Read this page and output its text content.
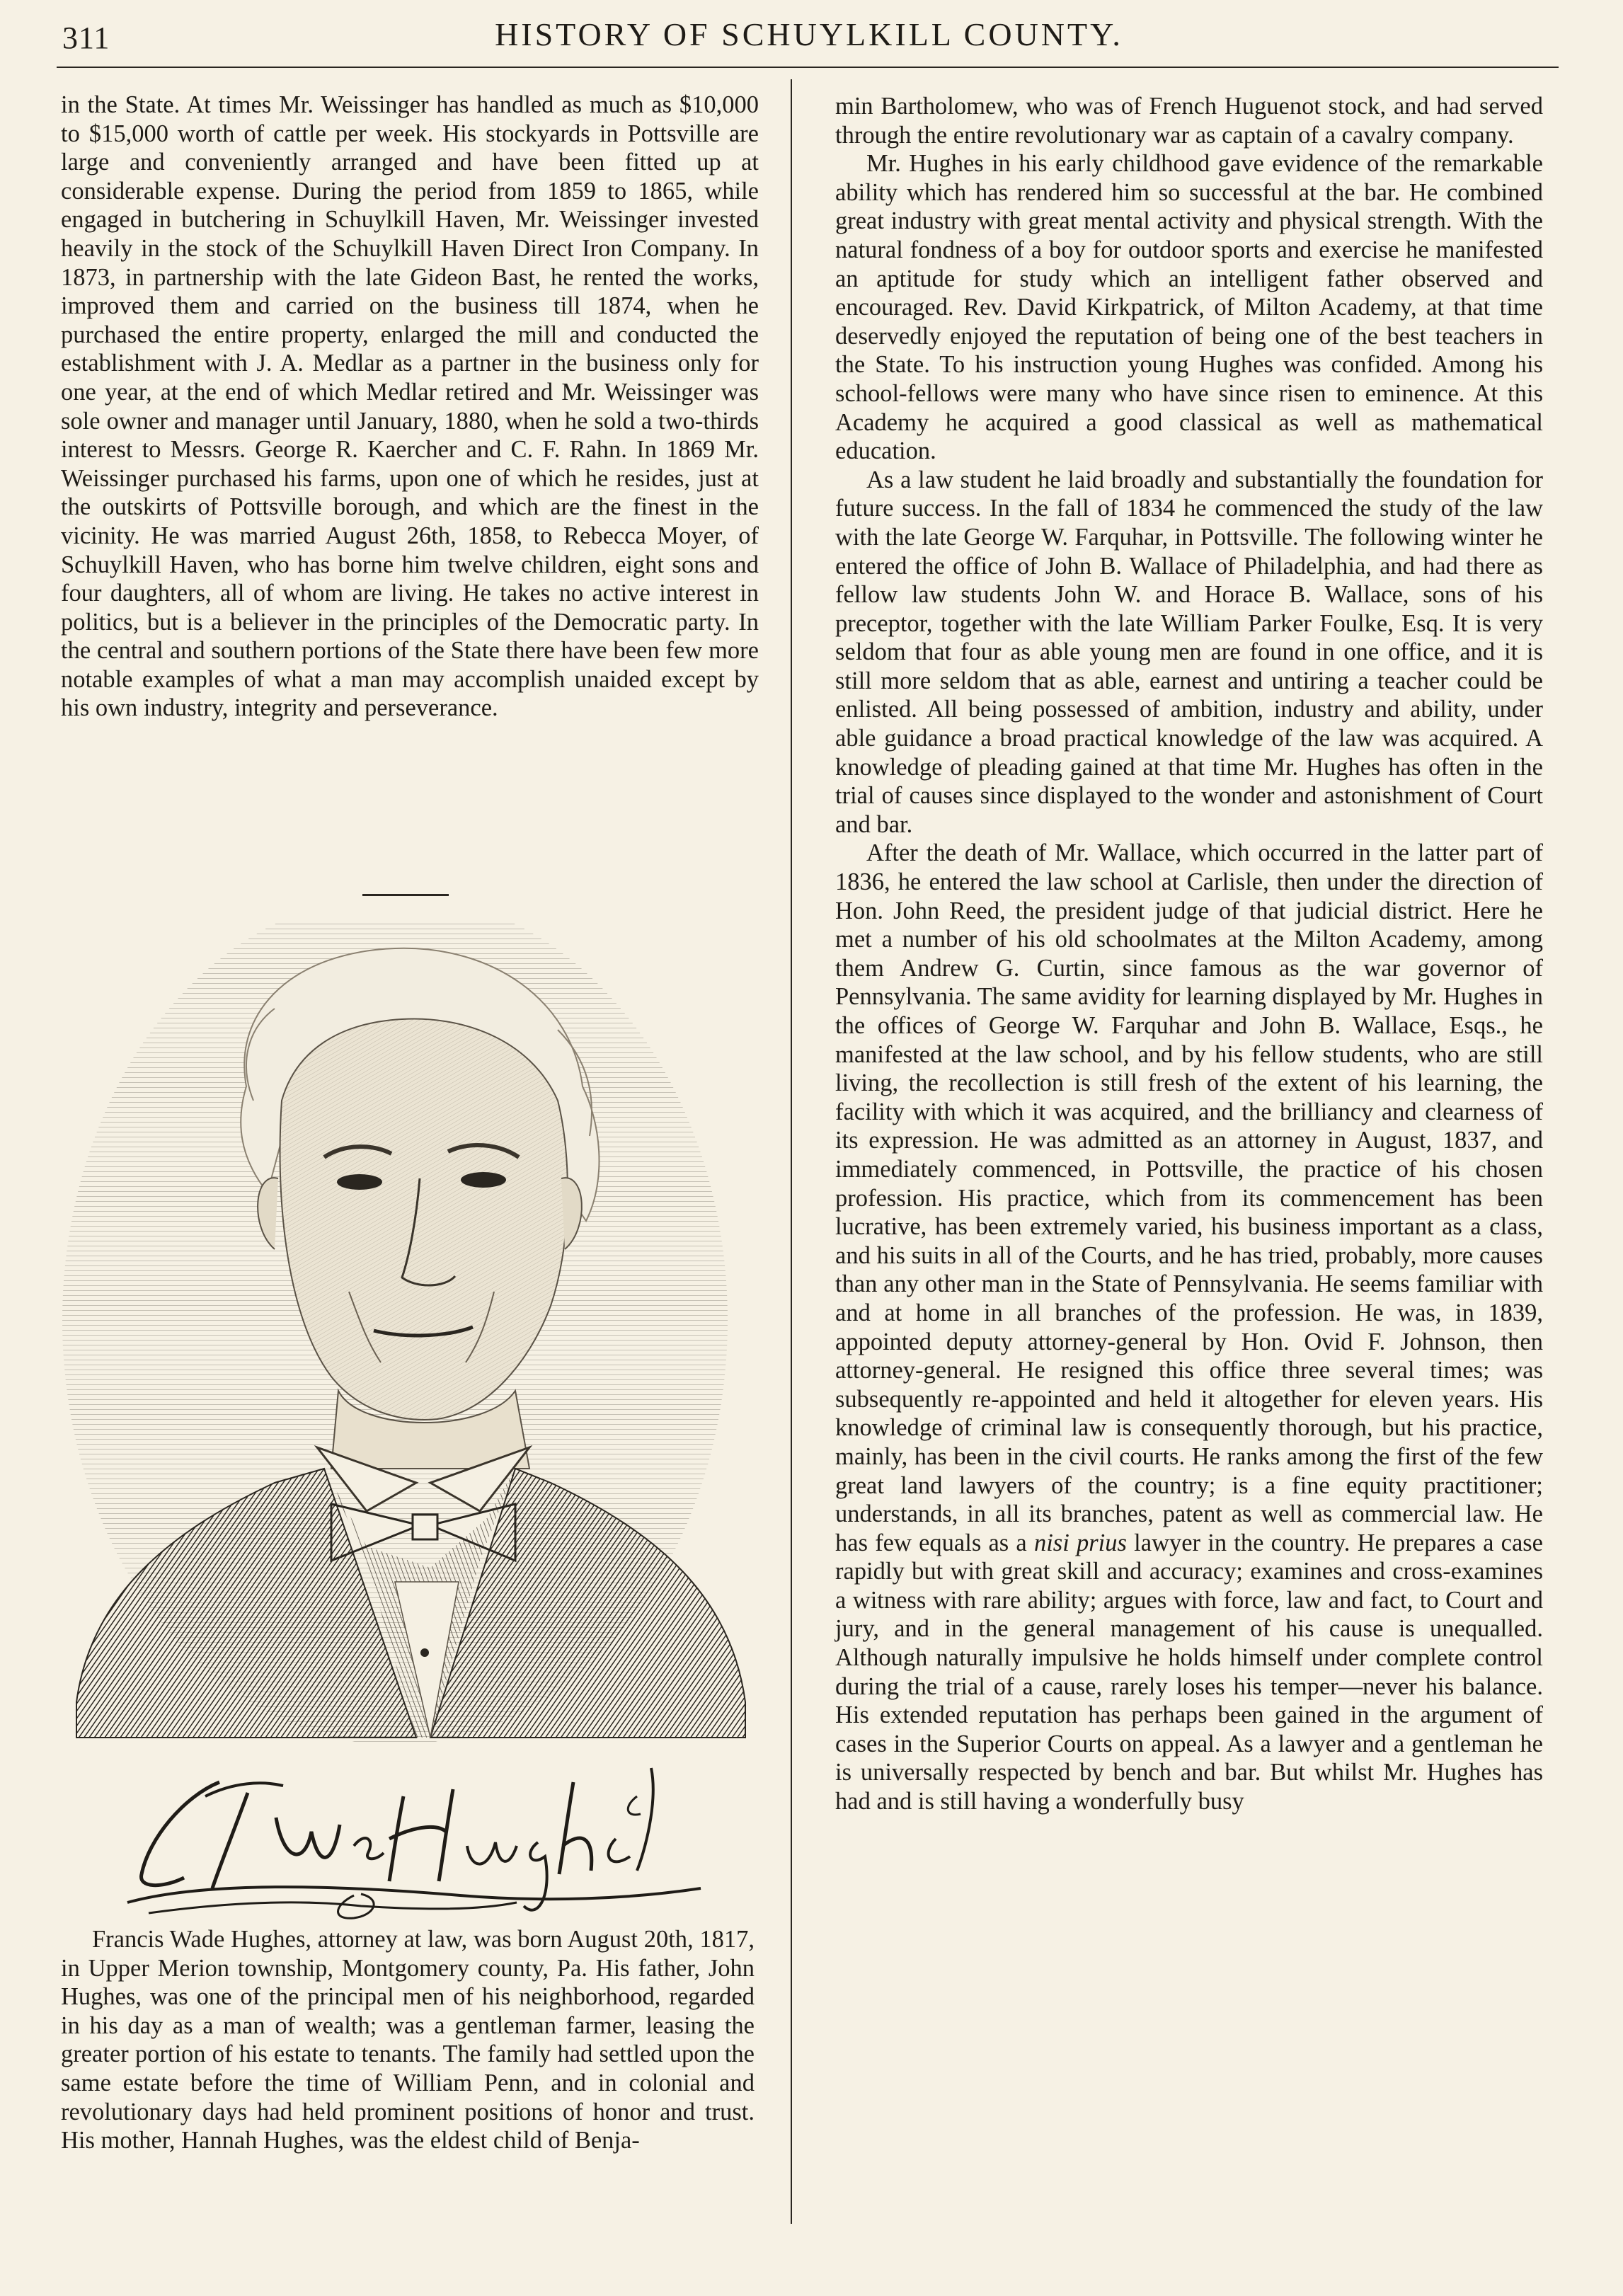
311	HISTORY OF SCHUYLKILL COUNTY.

in the State. At times Mr. Weissinger has handled as much as $10,000 to $15,000 worth of cattle per week. His stockyards in Pottsville are large and conveniently arranged and have been fitted up at considerable expense. During the period from 1859 to 1865, while engaged in butchering in Schuylkill Haven, Mr. Weissinger invested heavily in the stock of the Schuylkill Haven Direct Iron Company. In 1873, in partnership with the late Gideon Bast, he rented the works, improved them and carried on the business till 1874, when he purchased the entire property, enlarged the mill and conducted the establishment with J. A. Medlar as a partner in the business only for one year, at the end of which Medlar retired and Mr. Weissinger was sole owner and manager until January, 1880, when he sold a two-thirds interest to Messrs. George R. Kaercher and C. F. Rahn. In 1869 Mr. Weissinger purchased his farms, upon one of which he resides, just at the outskirts of Pottsville borough, and which are the finest in the vicinity. He was married August 26th, 1858, to Rebecca Moyer, of Schuylkill Haven, who has borne him twelve children, eight sons and four daughters, all of whom are living. He takes no active interest in politics, but is a believer in the principles of the Democratic party. In the central and southern portions of the State there have been few more notable examples of what a man may accomplish unaided except by his own industry, integrity and perseverance.

Francis Wade Hughes, attorney at law, was born August 20th, 1817, in Upper Merion township, Montgomery county, Pa. His father, John Hughes, was one of the principal men of his neighborhood, regarded in his day as a man of wealth; was a gentleman farmer, leasing the greater portion of his estate to tenants. The family had settled upon the same estate before the time of William Penn, and in colonial and revolutionary days had held prominent positions of honor and trust. His mother, Hannah Hughes, was the eldest child of Benja-

min Bartholomew, who was of French Huguenot stock, and had served through the entire revolutionary war as captain of a cavalry company.

Mr. Hughes in his early childhood gave evidence of the remarkable ability which has rendered him so successful at the bar. He combined great industry with great mental activity and physical strength. With the natural fondness of a boy for outdoor sports and exercise he manifested an aptitude for study which an intelligent father observed and encouraged. Rev. David Kirkpatrick, of Milton Academy, at that time deservedly enjoyed the reputation of being one of the best teachers in the State. To his instruction young Hughes was confided. Among his school-fellows were many who have since risen to eminence. At this Academy he acquired a good classical as well as mathematical education.

As a law student he laid broadly and substantially the foundation for future success. In the fall of 1834 he commenced the study of the law with the late George W. Farquhar, in Pottsville. The following winter he entered the office of John B. Wallace of Philadelphia, and had there as fellow law students John W. and Horace B. Wallace, sons of his preceptor, together with the late William Parker Foulke, Esq. It is very seldom that four as able young men are found in one office, and it is still more seldom that as able, earnest and untiring a teacher could be enlisted. All being possessed of ambition, industry and ability, under able guidance a broad practical knowledge of the law was acquired. A knowledge of pleading gained at that time Mr. Hughes has often in the trial of causes since displayed to the wonder and astonishment of Court and bar.

After the death of Mr. Wallace, which occurred in the latter part of 1836, he entered the law school at Carlisle, then under the direction of Hon. John Reed, the president judge of that judicial district. Here he met a number of his old schoolmates at the Milton Academy, among them Andrew G. Curtin, since famous as the war governor of Pennsylvania. The same avidity for learning displayed by Mr. Hughes in the offices of George W. Farquhar and John B. Wallace, Esqs., he manifested at the law school, and by his fellow students, who are still living, the recollection is still fresh of the extent of his learning, the facility with which it was acquired, and the brilliancy and clearness of its expression. He was admitted as an attorney in August, 1837, and immediately commenced, in Pottsville, the practice of his chosen profession. His practice, which from its commencement has been lucrative, has been extremely varied, his business important as a class, and his suits in all of the Courts, and he has tried, probably, more causes than any other man in the State of Pennsylvania. He seems familiar with and at home in all branches of the profession. He was, in 1839, appointed deputy attorney-general by Hon. Ovid F. Johnson, then attorney-general. He resigned this office three several times; was subsequently re-appointed and held it altogether for eleven years. His knowledge of criminal law is consequently thorough, but his practice, mainly, has been in the civil courts. He ranks among the first of the few great land lawyers of the country; is a fine equity practitioner; understands, in all its branches, patent as well as commercial law. He has few equals as a nisi prius lawyer in the country. He prepares a case rapidly but with great skill and accuracy; examines and cross-examines a witness with rare ability; argues with force, law and fact, to Court and jury, and in the general management of his cause is unequalled. Although naturally impulsive he holds himself under complete control during the trial of a cause, rarely loses his temper—never his balance. His extended reputation has perhaps been gained in the argument of cases in the Superior Courts on appeal. As a lawyer and a gentleman he is universally respected by bench and bar. But whilst Mr. Hughes has had and is still having a wonderfully busy
